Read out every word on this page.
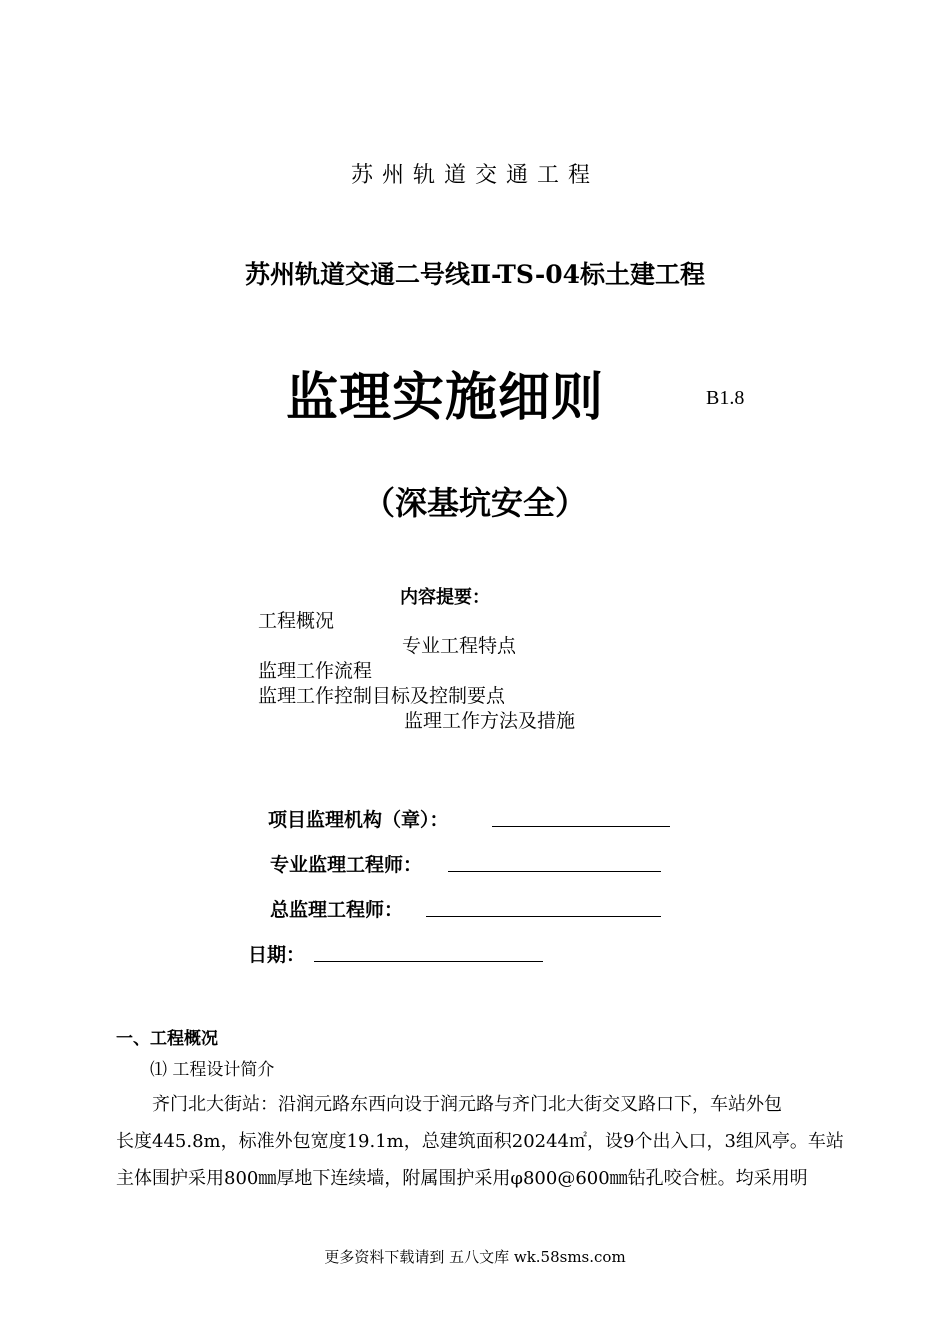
苏州轨道交通工程
苏州轨道交通二号线Ⅱ-TS-04标土建工程
监理实施细则	B1.8
（深基坑安全）
内容提要：
工程概况
专业工程特点
监理工作流程
监理工作控制目标及控制要点
监理工作方法及措施
项目监理机构（章）：
专业监理工程师：
总监理工程师：
日期：
一、工程概况
⑴ 工程设计简介
齐门北大街站：沿润元路东西向设于润元路与齐门北大街交叉路口下，车站外包
长度445.8m，标准外包宽度19.1m，总建筑面积20244㎡，设9个出入口，3组风亭。车站
主体围护采用800㎜厚地下连续墙，附属围护采用φ800@600㎜钻孔咬合桩。均采用明
更多资料下载请到 五八文库 wk.58sms.com
